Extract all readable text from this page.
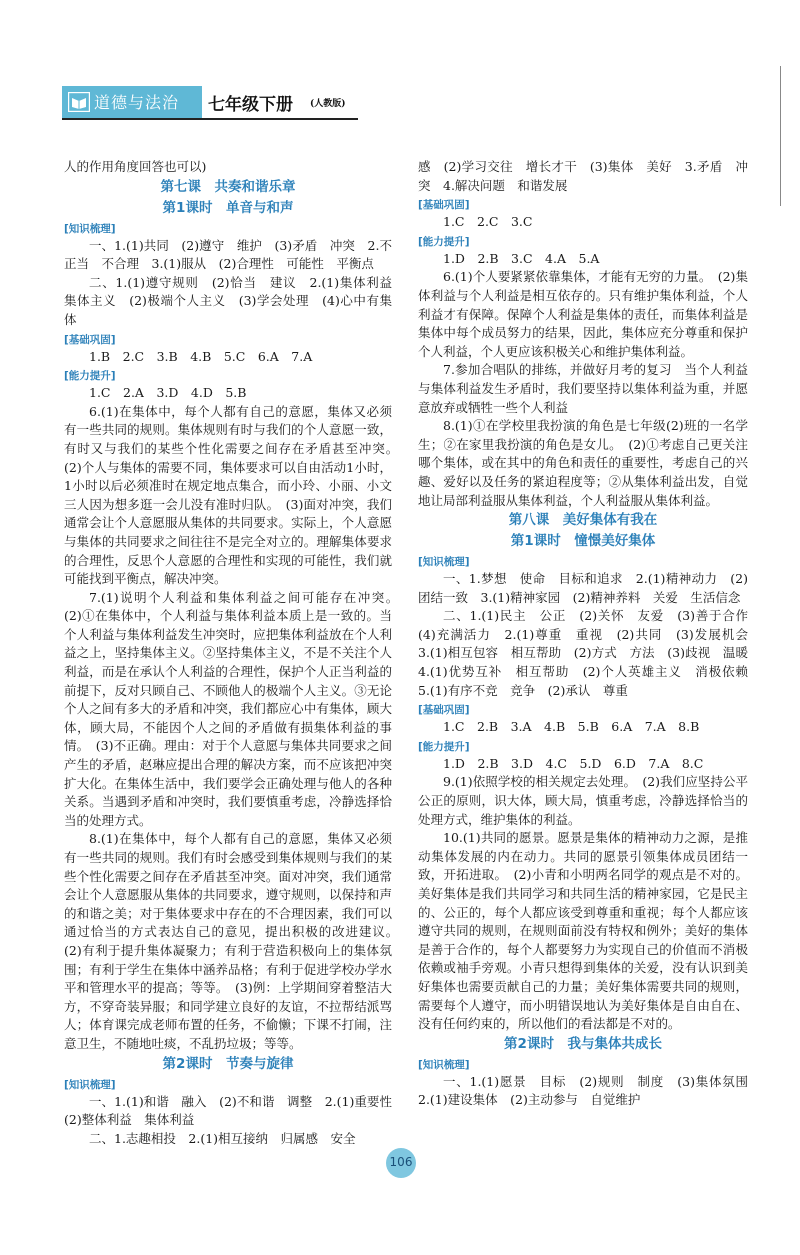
道德与法治 七年级下册 (人教版)

人的作用角度回答也可以)

第七课　共奏和谐乐章

第1课时　单音与和声

[知识梳理]

一、1.(1)共同　(2)遵守　维护　(3)矛盾　冲突　2.不正当　不合理　3.(1)服从　(2)合理性　可能性　平衡点

二、1.(1)遵守规则　(2)恰当　建议　2.(1)集体利益　集体主义　(2)极端个人主义　(3)学会处理　(4)心中有集体

[基础巩固]

1.B　2.C　3.B　4.B　5.C　6.A　7.A

[能力提升]

1.C　2.A　3.D　4.D　5.B

6.(1)在集体中，每个人都有自己的意愿，集体又必须有一些共同的规则。集体规则有时与我们的个人意愿一致，有时又与我们的某些个性化需要之间存在矛盾甚至冲突。　(2)个人与集体的需要不同，集体要求可以自由活动1小时，1小时以后必须准时在规定地点集合，而小玲、小丽、小文三人因为想多逛一会儿没有准时归队。　(3)面对冲突，我们通常会让个人意愿服从集体的共同要求。实际上，个人意愿与集体的共同要求之间往往不是完全对立的。理解集体要求的合理性，反思个人意愿的合理性和实现的可能性，我们就可能找到平衡点，解决冲突。

7.(1)说明个人利益和集体利益之间可能存在冲突。　(2)①在集体中，个人利益与集体利益本质上是一致的。当个人利益与集体利益发生冲突时，应把集体利益放在个人利益之上，坚持集体主义。②坚持集体主义，不是不关注个人利益，而是在承认个人利益的合理性，保护个人正当利益的前提下，反对只顾自己、不顾他人的极端个人主义。③无论个人之间有多大的矛盾和冲突，我们都应心中有集体，顾大体，顾大局，不能因个人之间的矛盾做有损集体利益的事情。　(3)不正确。理由：对于个人意愿与集体共同要求之间产生的矛盾，赵琳应提出合理的解决方案，而不应该把冲突扩大化。在集体生活中，我们要学会正确处理与他人的各种关系。当遇到矛盾和冲突时，我们要慎重考虑，冷静选择恰当的处理方式。

8.(1)在集体中，每个人都有自己的意愿，集体又必须有一些共同的规则。我们有时会感受到集体规则与我们的某些个性化需要之间存在矛盾甚至冲突。面对冲突，我们通常会让个人意愿服从集体的共同要求，遵守规则，以保持和声的和谐之美；对于集体要求中存在的不合理因素，我们可以通过恰当的方式表达自己的意见，提出积极的改进建议。　(2)有利于提升集体凝聚力；有利于营造积极向上的集体氛围；有利于学生在集体中涵养品格；有利于促进学校办学水平和管理水平的提高；等等。　(3)例：上学期间穿着整洁大方，不穿奇装异服；和同学建立良好的友谊，不拉帮结派骂人；体育课完成老师布置的任务，不偷懒；下课不打闹，注意卫生，不随地吐痰，不乱扔垃圾；等等。

第2课时　节奏与旋律

[知识梳理]

一、1.(1)和谐　融入　(2)不和谐　调整　2.(1)重要性　(2)整体利益　集体利益

二、1.志趣相投　2.(1)相互接纳　归属感　安全

感　(2)学习交往　增长才干　(3)集体　美好　3.矛盾　冲突　4.解决问题　和谐发展

[基础巩固]

1.C　2.C　3.C

[能力提升]

1.D　2.B　3.C　4.A　5.A

6.(1)个人要紧紧依靠集体，才能有无穷的力量。　(2)集体利益与个人利益是相互依存的。只有维护集体利益，个人利益才有保障。保障个人利益是集体的责任，而集体利益是集体中每个成员努力的结果，因此，集体应充分尊重和保护个人利益，个人更应该积极关心和维护集体利益。

7.参加合唱队的排练，并做好月考的复习　当个人利益与集体利益发生矛盾时，我们要坚持以集体利益为重，并愿意放弃或牺牲一些个人利益

8.(1)①在学校里我扮演的角色是七年级(2)班的一名学生；②在家里我扮演的角色是女儿。　(2)①考虑自己更关注哪个集体，或在其中的角色和责任的重要性，考虑自己的兴趣、爱好以及任务的紧迫程度等；②从集体利益出发，自觉地让局部利益服从集体利益，个人利益服从集体利益。

第八课　美好集体有我在

第1课时　憧憬美好集体

[知识梳理]

一、1.梦想　使命　目标和追求　2.(1)精神动力　(2)团结一致　3.(1)精神家园　(2)精神养料　关爱　生活信念

二、1.(1)民主　公正　(2)关怀　友爱　(3)善于合作　(4)充满活力　2.(1)尊重　重视　(2)共同　(3)发展机会　3.(1)相互包容　相互帮助　(2)方式　方法　(3)歧视　温暖　4.(1)优势互补　相互帮助　(2)个人英雄主义　消极依赖　5.(1)有序不竞　竞争　(2)承认　尊重

[基础巩固]

1.C　2.B　3.A　4.B　5.B　6.A　7.A　8.B

[能力提升]

1.D　2.B　3.D　4.C　5.D　6.D　7.A　8.C

9.(1)依照学校的相关规定去处理。　(2)我们应坚持公平公正的原则，识大体，顾大局，慎重考虑，冷静选择恰当的处理方式，维护集体的利益。

10.(1)共同的愿景。愿景是集体的精神动力之源，是推动集体发展的内在动力。共同的愿景引领集体成员团结一致，开拓进取。　(2)小青和小明两名同学的观点是不对的。美好集体是我们共同学习和共同生活的精神家园，它是民主的、公正的，每个人都应该受到尊重和重视；每个人都应该遵守共同的规则，在规则面前没有特权和例外；美好的集体是善于合作的，每个人都要努力为实现自己的价值而不消极依赖或袖手旁观。小青只想得到集体的关爱，没有认识到美好集体也需要贡献自己的力量；美好集体需要共同的规则，需要每个人遵守，而小明错误地认为美好集体是自由自在、没有任何约束的，所以他们的看法都是不对的。

第2课时　我与集体共成长

[知识梳理]

一、1.(1)愿景　目标　(2)规则　制度　(3)集体氛围　2.(1)建设集体　(2)主动参与　自觉维护

106
